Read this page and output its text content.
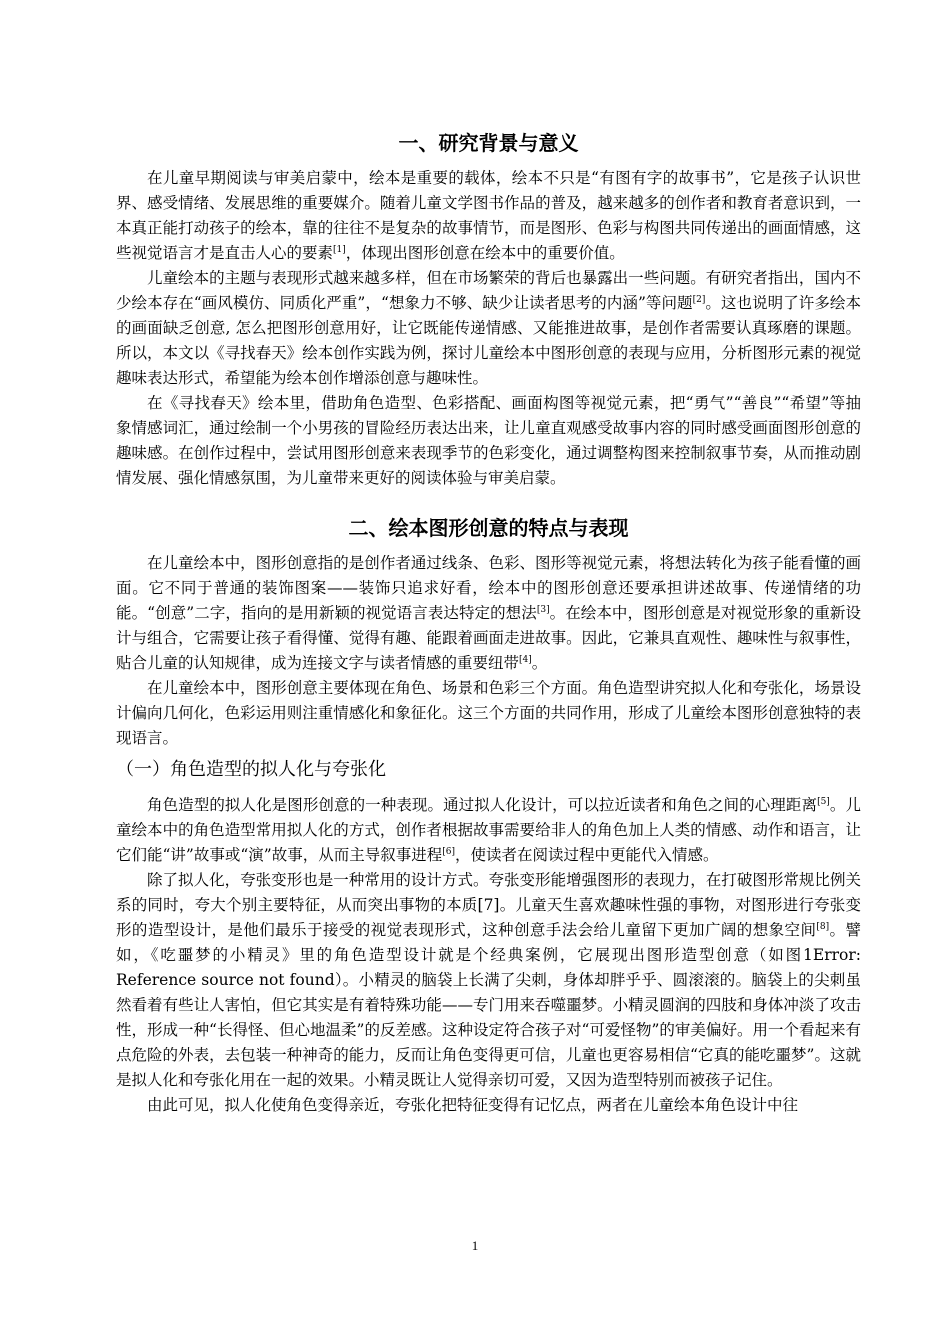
一、研究背景与意义

在儿童早期阅读与审美启蒙中，绘本是重要的载体，绘本不只是“有图有字的故事书”，它是孩子认识世界、感受情绪、发展思维的重要媒介。随着儿童文学图书作品的普及，越来越多的创作者和教育者意识到，一本真正能打动孩子的绘本，靠的往往不是复杂的故事情节，而是图形、色彩与构图共同传递出的画面情感，这些视觉语言才是直击人心的要素[1]，体现出图形创意在绘本中的重要价值。

儿童绘本的主题与表现形式越来越多样，但在市场繁荣的背后也暴露出一些问题。有研究者指出，国内不少绘本存在“画风模仿、同质化严重”，“想象力不够、缺少让读者思考的内涵”等问题[2]。这也说明了许多绘本的画面缺乏创意, 怎么把图形创意用好，让它既能传递情感、又能推进故事，是创作者需要认真琢磨的课题。所以，本文以《寻找春天》绘本创作实践为例，探讨儿童绘本中图形创意的表现与应用，分析图形元素的视觉趣味表达形式，希望能为绘本创作增添创意与趣味性。

在《寻找春天》绘本里，借助角色造型、色彩搭配、画面构图等视觉元素，把“勇气”“善良”“希望”等抽象情感词汇，通过绘制一个小男孩的冒险经历表达出来，让儿童直观感受故事内容的同时感受画面图形创意的趣味感。在创作过程中，尝试用图形创意来表现季节的色彩变化，通过调整构图来控制叙事节奏，从而推动剧情发展、强化情感氛围，为儿童带来更好的阅读体验与审美启蒙。

二、绘本图形创意的特点与表现

在儿童绘本中，图形创意指的是创作者通过线条、色彩、图形等视觉元素，将想法转化为孩子能看懂的画面。它不同于普通的装饰图案——装饰只追求好看，绘本中的图形创意还要承担讲述故事、传递情绪的功能。“创意”二字，指向的是用新颖的视觉语言表达特定的想法[3]。在绘本中，图形创意是对视觉形象的重新设计与组合，它需要让孩子看得懂、觉得有趣、能跟着画面走进故事。因此，它兼具直观性、趣味性与叙事性，贴合儿童的认知规律，成为连接文字与读者情感的重要纽带[4]。

在儿童绘本中，图形创意主要体现在角色、场景和色彩三个方面。角色造型讲究拟人化和夸张化，场景设计偏向几何化，色彩运用则注重情感化和象征化。这三个方面的共同作用，形成了儿童绘本图形创意独特的表现语言。

（一）角色造型的拟人化与夸张化

角色造型的拟人化是图形创意的一种表现。通过拟人化设计，可以拉近读者和角色之间的心理距离[5]。儿童绘本中的角色造型常用拟人化的方式，创作者根据故事需要给非人的角色加上人类的情感、动作和语言，让它们能“讲”故事或“演”故事，从而主导叙事进程[6]，使读者在阅读过程中更能代入情感。

除了拟人化，夸张变形也是一种常用的设计方式。夸张变形能增强图形的表现力，在打破图形常规比例关系的同时，夸大个别主要特征，从而突出事物的本质[7]。儿童天生喜欢趣味性强的事物，对图形进行夸张变形的造型设计，是他们最乐于接受的视觉表现形式，这种创意手法会给儿童留下更加广阔的想象空间[8]。譬如，《吃噩梦的小精灵》里的角色造型设计就是个经典案例，它展现出图形造型创意（如图1Error: Reference source not found）。小精灵的脑袋上长满了尖刺，身体却胖乎乎、圆滚滚的。脑袋上的尖刺虽然看着有些让人害怕，但它其实是有着特殊功能——专门用来吞噬噩梦。小精灵圆润的四肢和身体冲淡了攻击性，形成一种“长得怪、但心地温柔”的反差感。这种设定符合孩子对“可爱怪物”的审美偏好。用一个看起来有点危险的外表，去包装一种神奇的能力，反而让角色变得更可信，儿童也更容易相信“它真的能吃噩梦”。这就是拟人化和夸张化用在一起的效果。小精灵既让人觉得亲切可爱，又因为造型特别而被孩子记住。

由此可见，拟人化使角色变得亲近，夸张化把特征变得有记忆点，两者在儿童绘本角色设计中往

1
